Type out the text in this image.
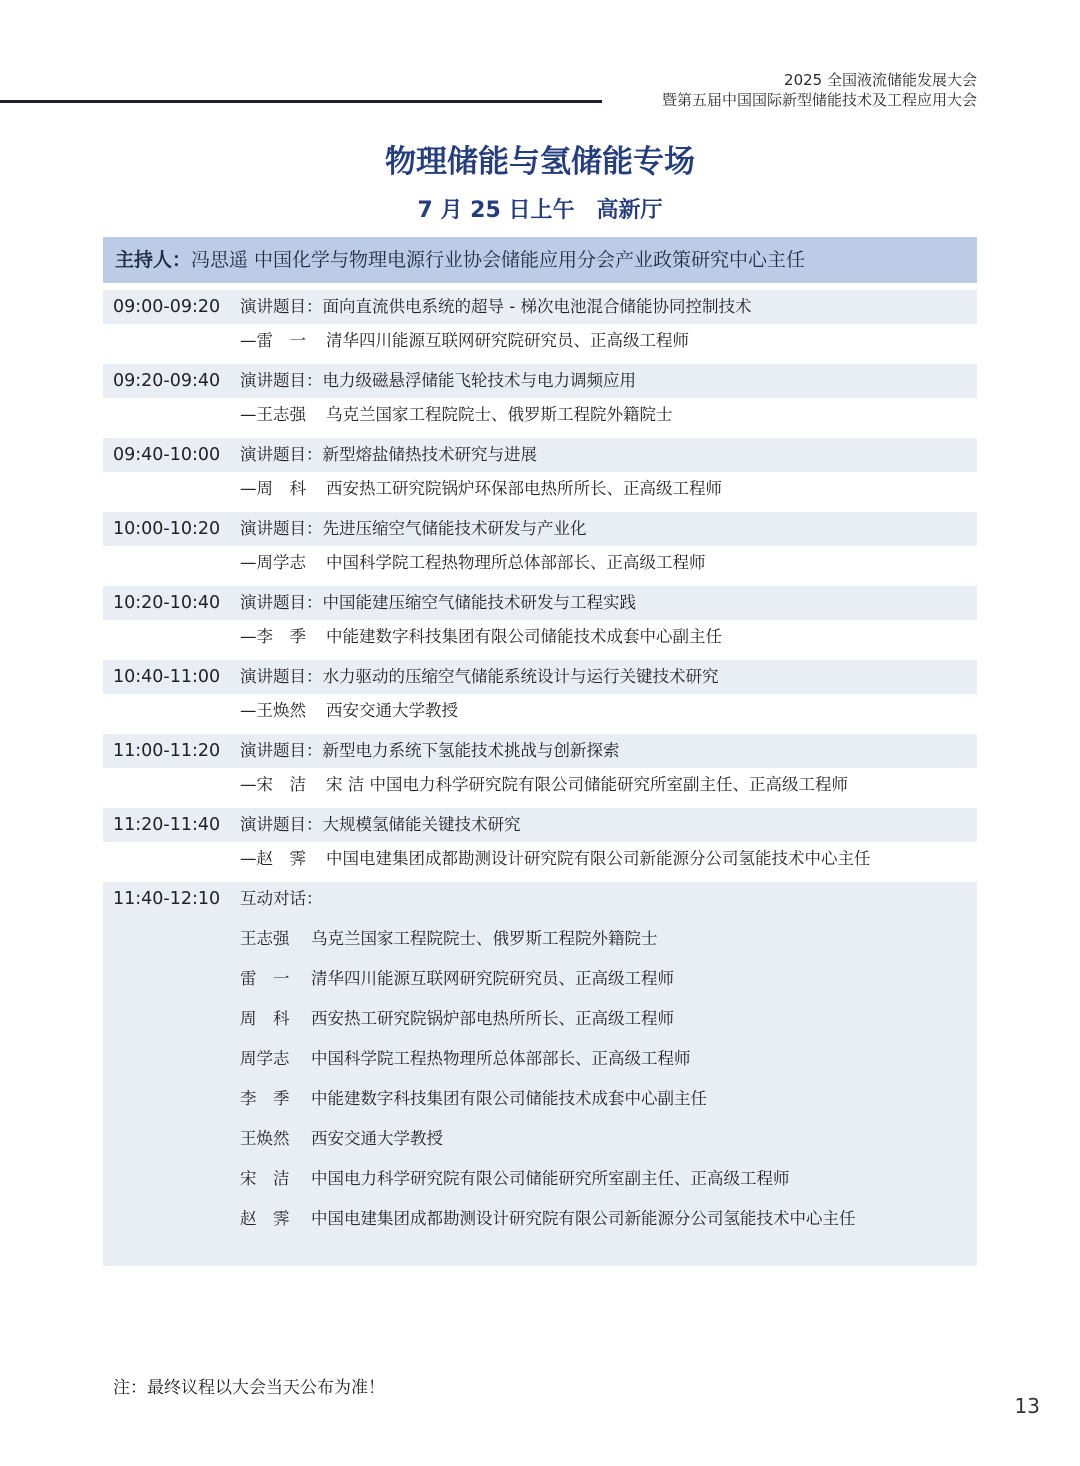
2025 全国液流储能发展大会
暨第五届中国国际新型储能技术及工程应用大会
物理储能与氢储能专场
7 月 25 日上午　高新厅
主持人：冯思遥 中国化学与物理电源行业协会储能应用分会产业政策研究中心主任
09:00-09:20 演讲题目：面向直流供电系统的超导 - 梯次电池混合储能协同控制技术
—雷　一 清华四川能源互联网研究院研究员、正高级工程师
09:20-09:40 演讲题目：电力级磁悬浮储能飞轮技术与电力调频应用
—王志强 乌克兰国家工程院院士、俄罗斯工程院外籍院士
09:40-10:00 演讲题目：新型熔盐储热技术研究与进展
—周　科 西安热工研究院锅炉环保部电热所所长、正高级工程师
10:00-10:20 演讲题目：先进压缩空气储能技术研发与产业化
—周学志 中国科学院工程热物理所总体部部长、正高级工程师
10:20-10:40 演讲题目：中国能建压缩空气储能技术研发与工程实践
—李　季 中能建数字科技集团有限公司储能技术成套中心副主任
10:40-11:00 演讲题目：水力驱动的压缩空气储能系统设计与运行关键技术研究
—王焕然 西安交通大学教授
11:00-11:20 演讲题目：新型电力系统下氢能技术挑战与创新探索
—宋　洁 宋 洁 中国电力科学研究院有限公司储能研究所室副主任、正高级工程师
11:20-11:40 演讲题目：大规模氢储能关键技术研究
—赵　霁 中国电建集团成都勘测设计研究院有限公司新能源分公司氢能技术中心主任
11:40-12:10 互动对话：
王志强 乌克兰国家工程院院士、俄罗斯工程院外籍院士
雷　一 清华四川能源互联网研究院研究员、正高级工程师
周　科 西安热工研究院锅炉部电热所所长、正高级工程师
周学志 中国科学院工程热物理所总体部部长、正高级工程师
李　季 中能建数字科技集团有限公司储能技术成套中心副主任
王焕然 西安交通大学教授
宋　洁 中国电力科学研究院有限公司储能研究所室副主任、正高级工程师
赵　霁 中国电建集团成都勘测设计研究院有限公司新能源分公司氢能技术中心主任
注：最终议程以大会当天公布为准！
13
